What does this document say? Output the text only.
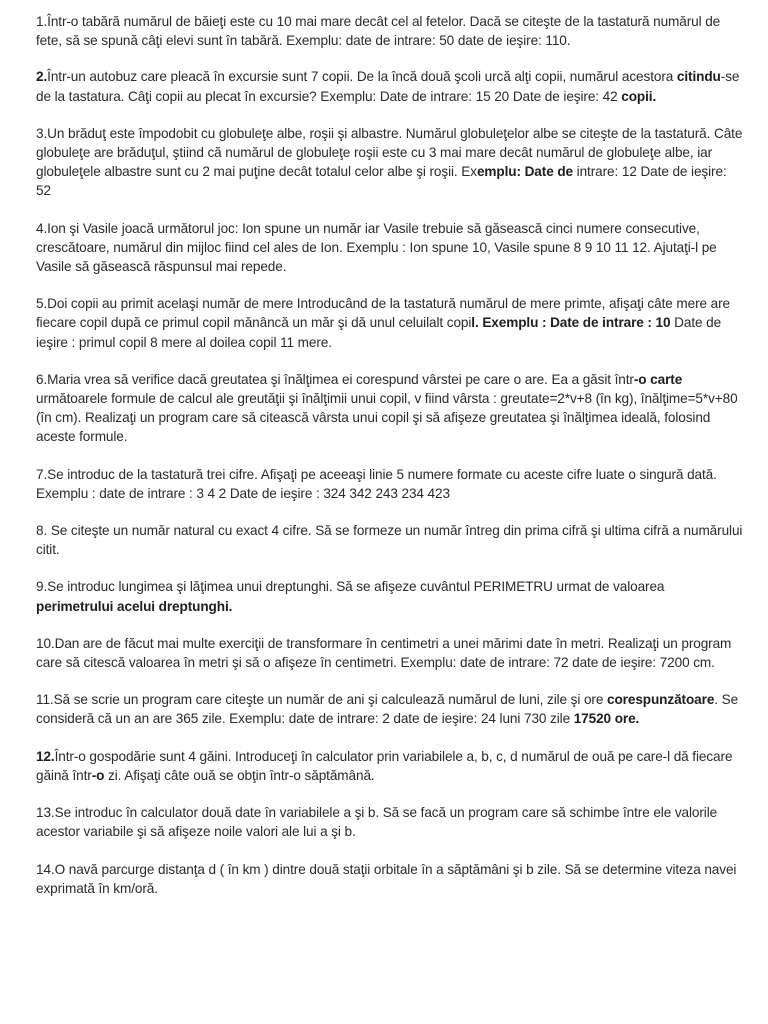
1.Într-o tabără numărul de băieţi este cu 10 mai mare decât cel al fetelor. Dacă se citeşte de la tastatură numărul de fete, să se spună câţi elevi sunt în tabără. Exemplu: date de intrare: 50 date de ieşire: 110.

2.Într-un autobuz care pleacă în excursie sunt 7 copii. De la încă două şcoli urcă alţi copii, numărul acestora citindu-se de la tastatura. Câţi copii au plecat în excursie? Exemplu: Date de intrare: 15 20 Date de ieşire: 42 copii.

3.Un brăduţ este împodobit cu globuleţe albe, roşii şi albastre. Numărul globuleţelor albe se citeşte de la tastatură. Câte globuleţe are brăduţul, ştiind că numărul de globuleţe roşii este cu 3 mai mare decât numărul de globuleţe albe, iar globuleţele albastre sunt cu 2 mai puţine decât totalul celor albe şi roşii. Exemplu: Date de intrare: 12 Date de ieşire: 52

4.Ion şi Vasile joacă următorul joc: Ion spune un număr iar Vasile trebuie să găsească cinci numere consecutive, crescătoare, numărul din mijloc fiind cel ales de Ion. Exemplu : Ion spune 10, Vasile spune 8 9 10 11 12. Ajutaţi-l pe Vasile să găsească răspunsul mai repede.

5.Doi copii au primit acelaşi număr de mere Introducând de la tastatură numărul de mere primte, afişaţi câte mere are fiecare copil după ce primul copil mănâncă un măr şi dă unul celuilalt copil. Exemplu : Date de intrare : 10 Date de ieşire : primul copil 8 mere al doilea copil 11 mere.

6.Maria vrea să verifice dacă greutatea şi înălţimea ei corespund vârstei pe care o are. Ea a găsit într-o carte următoarele formule de calcul ale greutăţii şi înălţimii unui copil, v fiind vârsta : greutate=2*v+8 (în kg), înălţime=5*v+80 (în cm). Realizaţi un program care să citească vârsta unui copil şi să afişeze greutatea şi înălţimea ideală, folosind aceste formule.

7.Se introduc de la tastatură trei cifre. Afişaţi pe aceeaşi linie 5 numere formate cu aceste cifre luate o singură dată. Exemplu : date de intrare : 3 4 2 Date de ieşire : 324 342 243 234 423

8. Se citeşte un număr natural cu exact 4 cifre. Să se formeze un număr întreg din prima cifră şi ultima cifră a numărului citit.

9.Se introduc lungimea şi lăţimea unui dreptunghi. Să se afişeze cuvântul PERIMETRU urmat de valoarea perimetrului acelui dreptunghi.

10.Dan are de făcut mai multe exerciţii de transformare în centimetri a unei mărimi date în metri. Realizaţi un program care să citescă valoarea în metri şi să o afişeze în centimetri. Exemplu: date de intrare: 72 date de ieşire: 7200 cm.

11.Să se scrie un program care citeşte un număr de ani şi calculează numărul de luni, zile şi ore corespunzătoare. Se consideră că un an are 365 zile. Exemplu: date de intrare: 2 date de ieşire: 24 luni 730 zile 17520 ore.

12.Într-o gospodărie sunt 4 găini. Introduceţi în calculator prin variabilele a, b, c, d numărul de ouă pe care-l dă fiecare găină într-o zi. Afişaţi câte ouă se obţin într-o săptămână.

13.Se introduc în calculator două date în variabilele a şi b. Să se facă un program care să schimbe între ele valorile acestor variabile şi să afişeze noile valori ale lui a şi b.

14.O navă parcurge distanţa d ( în km ) dintre două staţii orbitale în a săptămâni şi b zile. Să se determine viteza navei exprimată în km/oră.
